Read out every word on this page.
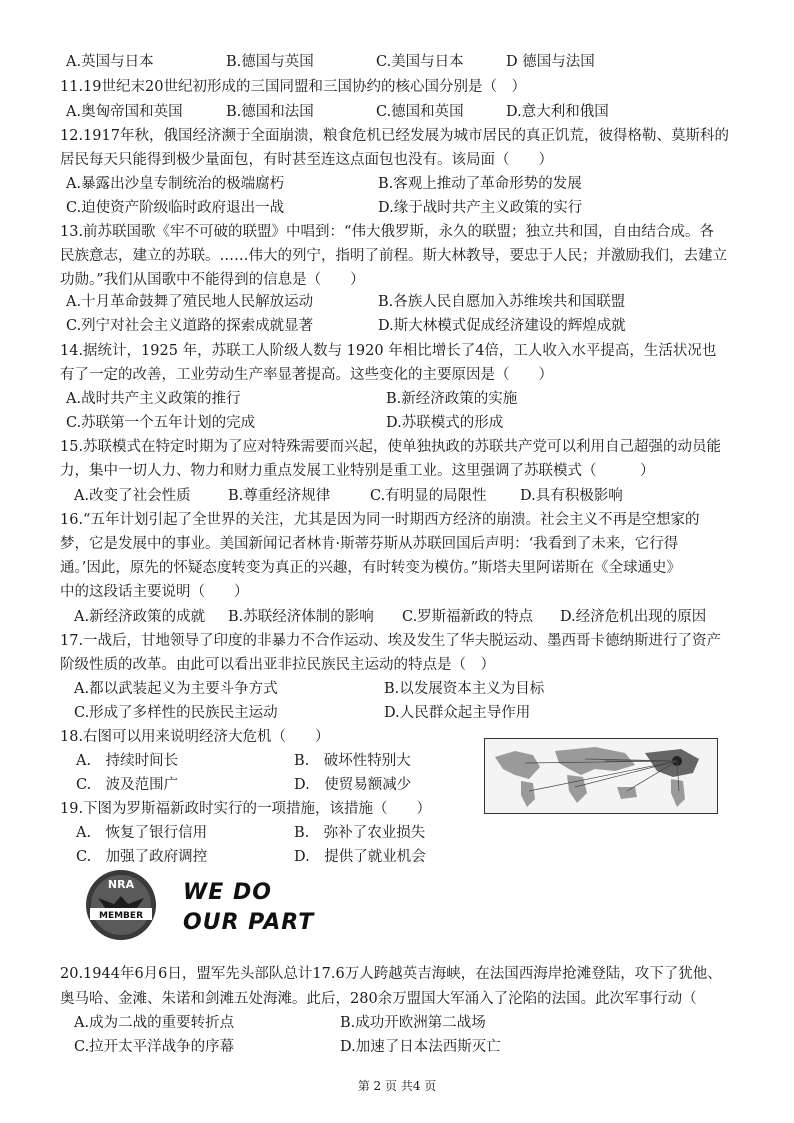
A.英国与日本	B.德国与英国	C.美国与日本	D 德国与法国
11.19世纪末20世纪初形成的三国同盟和三国协约的核心国分别是（　）
A.奥匈帝国和英国	B.德国和法国	C.德国和英国	D.意大利和俄国
12.1917年秋，俄国经济濒于全面崩溃，粮食危机已经发展为城市居民的真正饥荒，彼得格勒、莫斯科的
居民每天只能得到极少量面包，有时甚至连这点面包也没有。该局面（　　）
A.暴露出沙皇专制统治的极端腐朽	B.客观上推动了革命形势的发展
C.迫使资产阶级临时政府退出一战	D.缘于战时共产主义政策的实行
13.前苏联国歌《牢不可破的联盟》中唱到：“伟大俄罗斯，永久的联盟；独立共和国，自由结合成。各
民族意志，建立的苏联。……伟大的列宁，指明了前程。斯大林教导，要忠于人民；并激励我们，去建立
功勋。”我们从国歌中不能得到的信息是（　　）
A.十月革命鼓舞了殖民地人民解放运动	B.各族人民自愿加入苏维埃共和国联盟
C.列宁对社会主义道路的探索成就显著	D.斯大林模式促成经济建设的辉煌成就
14.据统计，1925 年，苏联工人阶级人数与 1920 年相比增长了4倍，工人收入水平提高，生活状况也
有了一定的改善，工业劳动生产率显著提高。这些变化的主要原因是（　　）
A.战时共产主义政策的推行	B.新经济政策的实施
C.苏联第一个五年计划的完成	D.苏联模式的形成
15.苏联模式在特定时期为了应对特殊需要而兴起，使单独执政的苏联共产党可以利用自己超强的动员能
力，集中一切人力、物力和财力重点发展工业特别是重工业。这里强调了苏联模式（　　　）
A.改变了社会性质	B.尊重经济规律	C.有明显的局限性 D.具有积极影响
16.“五年计划引起了全世界的关注，尤其是因为同一时期西方经济的崩溃。社会主义不再是空想家的
梦，它是发展中的事业。美国新闻记者林肯·斯蒂芬斯从苏联回国后声明：‘我看到了未来，它行得
通。’因此，原先的怀疑态度转变为真正的兴趣，有时转变为模仿。”斯塔夫里阿诺斯在《全球通史》
中的这段话主要说明（　　）
A.新经济政策的成就 B.苏联经济体制的影响 C.罗斯福新政的特点 D.经济危机出现的原因
17.一战后，甘地领导了印度的非暴力不合作运动、埃及发生了华夫脱运动、墨西哥卡德纳斯进行了资产
阶级性质的改革。由此可以看出亚非拉民族民主运动的特点是（　）
A.都以武装起义为主要斗争方式	B.以发展资本主义为目标
C.形成了多样性的民族民主运动	D.人民群众起主导作用
18.右图可以用来说明经济大危机（　　）
A.　持续时间长	B.　破坏性特别大
C.　波及范围广	D.　使贸易额减少
19.下图为罗斯福新政时实行的一项措施，该措施（　　）
A.　恢复了银行信用	B.　弥补了农业损失
C.　加强了政府调控	D.　提供了就业机会
NRA
MEMBER
WE DO
OUR PART
20.1944年6月6日，盟军先头部队总计17.6万人跨越英吉海峡，在法国西海岸抢滩登陆，攻下了犹他、
奥马哈、金滩、朱诺和剑滩五处海滩。此后，280余万盟国大军涌入了沦陷的法国。此次军事行动（
A.成为二战的重要转折点	B.成功开欧洲第二战场
C.拉开太平洋战争的序幕	D.加速了日本法西斯灭亡
第 2 页 共4 页
